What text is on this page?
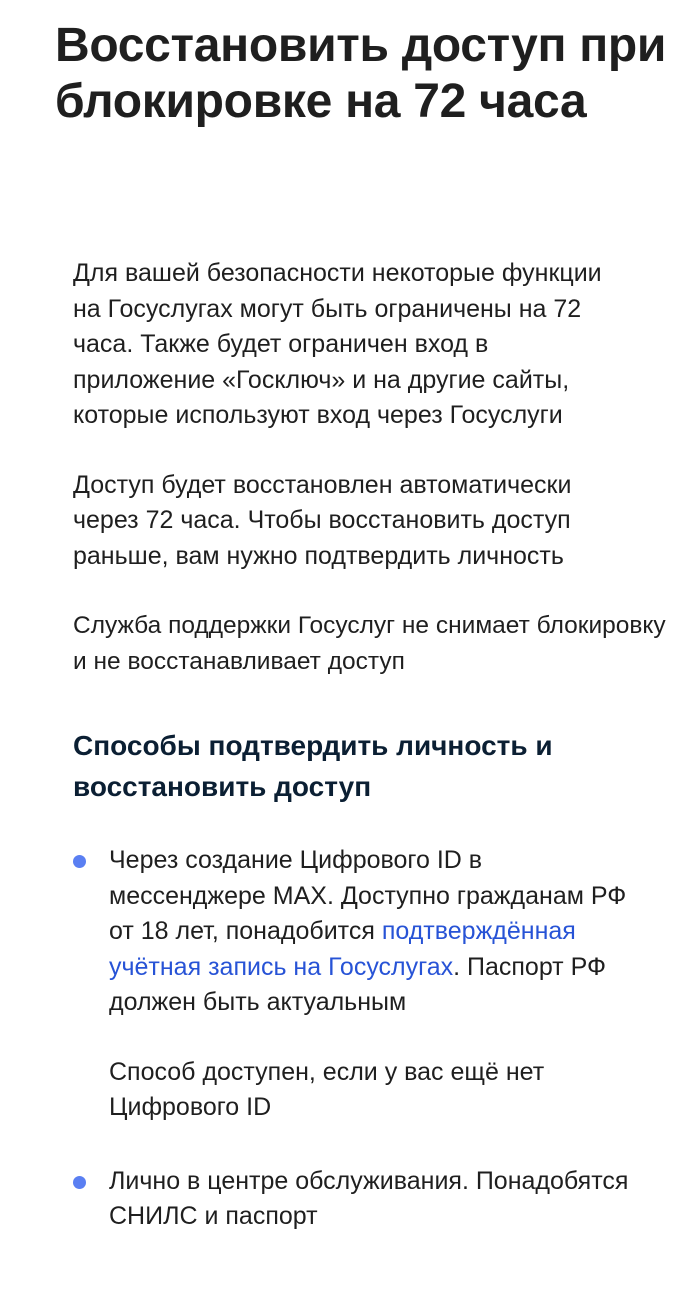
Восстановить доступ при блокировке на 72 часа

Для вашей безопасности некоторые функции на Госуслугах могут быть ограничены на 72 часа. Также будет ограничен вход в приложение «Госключ» и на другие сайты, которые используют вход через Госуслуги

Доступ будет восстановлен автоматически через 72 часа. Чтобы восстановить доступ раньше, вам нужно подтвердить личность

Служба поддержки Госуслуг не снимает блокировку и не восстанавливает доступ

Способы подтвердить личность и восстановить доступ
Через создание Цифрового ID в мессенджере MAX. Доступно гражданам РФ от 18 лет, понадобится подтверждённая учётная запись на Госуслугах. Паспорт РФ должен быть актуальным
Способ доступен, если у вас ещё нет Цифрового ID
Лично в центре обслуживания. Понадобятся СНИЛС и паспорт
